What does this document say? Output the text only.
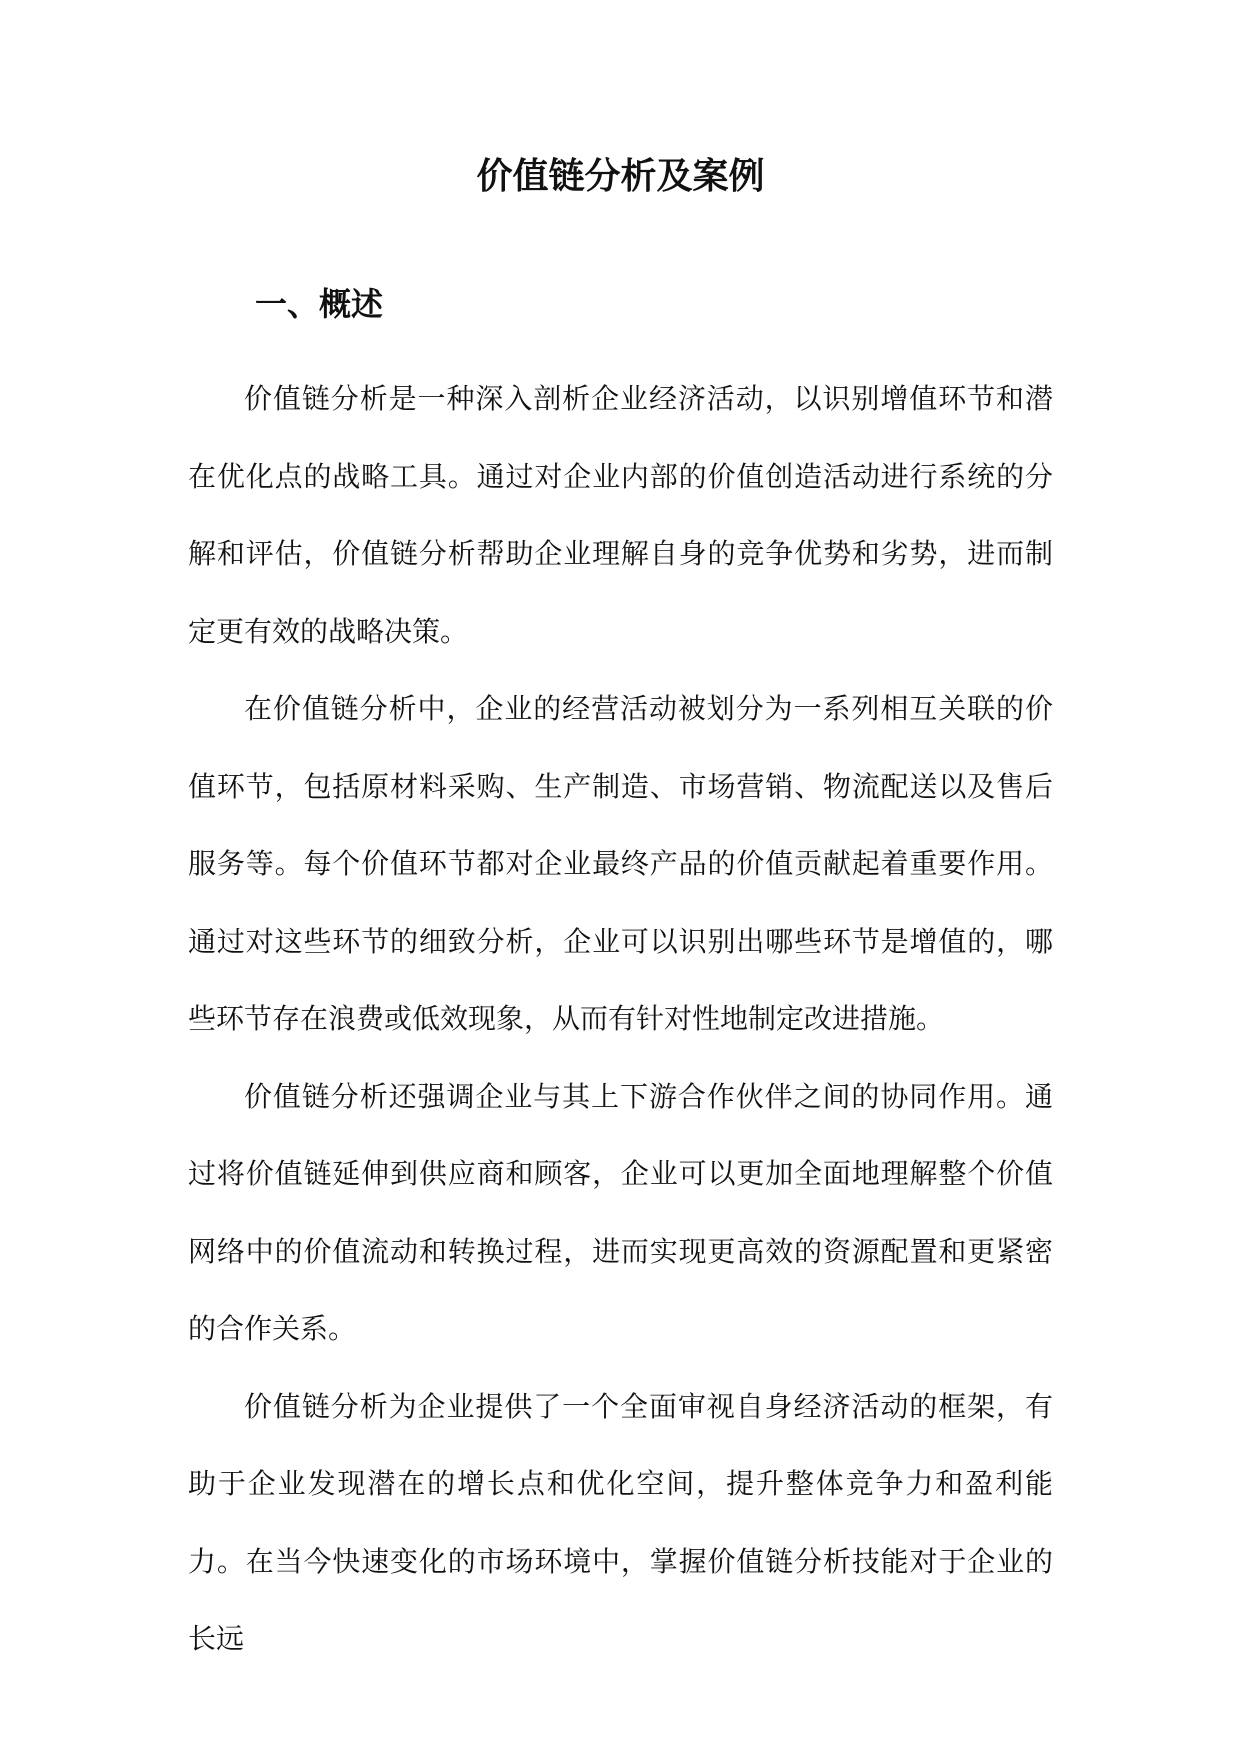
价值链分析及案例
一、概述

价值链分析是一种深入剖析企业经济活动，以识别增值环节和潜在优化点的战略工具。通过对企业内部的价值创造活动进行系统的分解和评估，价值链分析帮助企业理解自身的竞争优势和劣势，进而制定更有效的战略决策。

在价值链分析中，企业的经营活动被划分为一系列相互关联的价值环节，包括原材料采购、生产制造、市场营销、物流配送以及售后服务等。每个价值环节都对企业最终产品的价值贡献起着重要作用。通过对这些环节的细致分析，企业可以识别出哪些环节是增值的，哪些环节存在浪费或低效现象，从而有针对性地制定改进措施。

价值链分析还强调企业与其上下游合作伙伴之间的协同作用。通过将价值链延伸到供应商和顾客，企业可以更加全面地理解整个价值网络中的价值流动和转换过程，进而实现更高效的资源配置和更紧密的合作关系。

价值链分析为企业提供了一个全面审视自身经济活动的框架，有助于企业发现潜在的增长点和优化空间，提升整体竞争力和盈利能力。在当今快速变化的市场环境中，掌握价值链分析技能对于企业的长远
